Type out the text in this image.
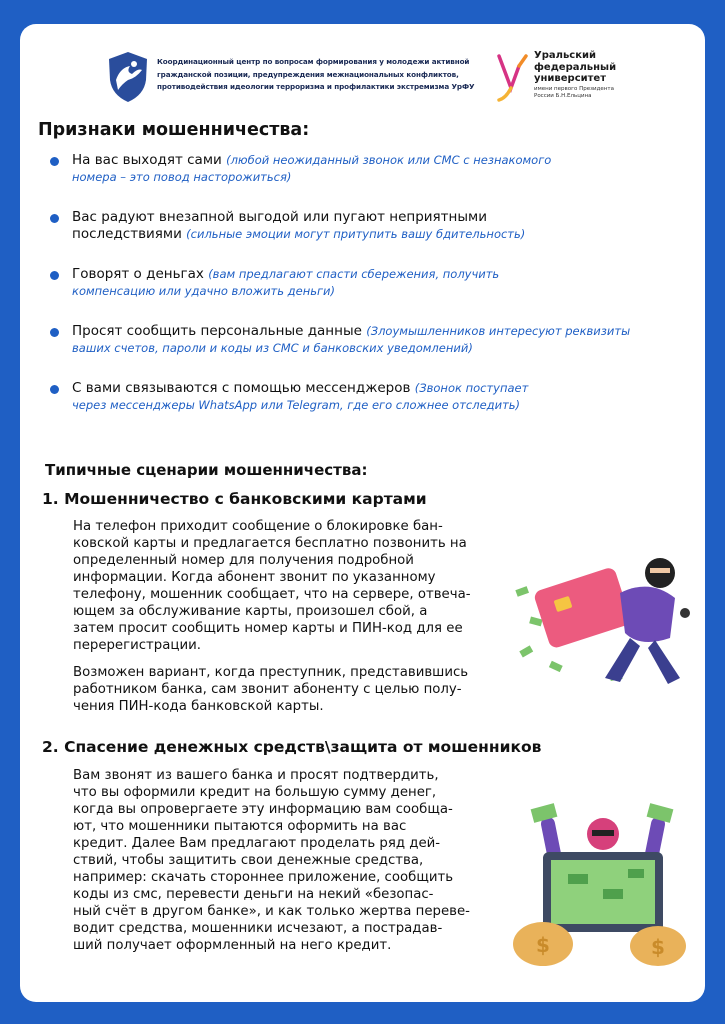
Координационный центр по вопросам формирования у молодежи активной
гражданской позиции, предупреждения межнациональных конфликтов,
противодействия идеологии терроризма и профилактики экстремизма УрФУ
Уральский
федеральный
университет
имени первого Президента
России Б.Н.Ельцина
Признаки мошенничества:
На вас выходят сами (любой неожиданный звонок или СМС с незнакомого
номера – это повод насторожиться)
Вас радуют внезапной выгодой или пугают неприятными
последствиями (сильные эмоции могут притупить вашу бдительность)
Говорят о деньгах (вам предлагают спасти сбережения, получить
компенсацию или удачно вложить деньги)
Просят сообщить персональные данные (Злоумышленников интересуют реквизиты
ваших счетов, пароли и коды из СМС и банковских уведомлений)
С вами связываются с помощью мессенджеров (Звонок поступает
через мессенджеры WhatsApp или Telegram, где его сложнее отследить)
Типичные сценарии мошенничества:
1. Мошенничество с банковскими картами
На телефон приходит сообщение о блокировке бан-
ковской карты и предлагается бесплатно позвонить на
определенный номер для получения подробной
информации. Когда абонент звонит по указанному
телефону, мошенник сообщает, что на сервере, отвеча-
ющем за обслуживание карты, произошел сбой, а
затем просит сообщить номер карты и ПИН-код для ее
перерегистрации.
Возможен вариант, когда преступник, представившись
работником банка, сам звонит абоненту с целью полу-
чения ПИН-кода банковской карты.
2. Спасение денежных средств\защита от мошенников
Вам звонят из вашего банка и просят подтвердить,
что вы оформили кредит на большую сумму денег,
когда вы опровергаете эту информацию вам сообща-
ют, что мошенники пытаются оформить на вас
кредит. Далее Вам предлагают проделать ряд дей-
ствий, чтобы защитить свои денежные средства,
например: скачать стороннее приложение, сообщить
коды из смс, перевести деньги на некий «безопас-
ный счёт в другом банке», и как только жертва переве-
водит средства, мошенники исчезают, а пострадав-
ший получает оформленный на него кредит.	$	$
